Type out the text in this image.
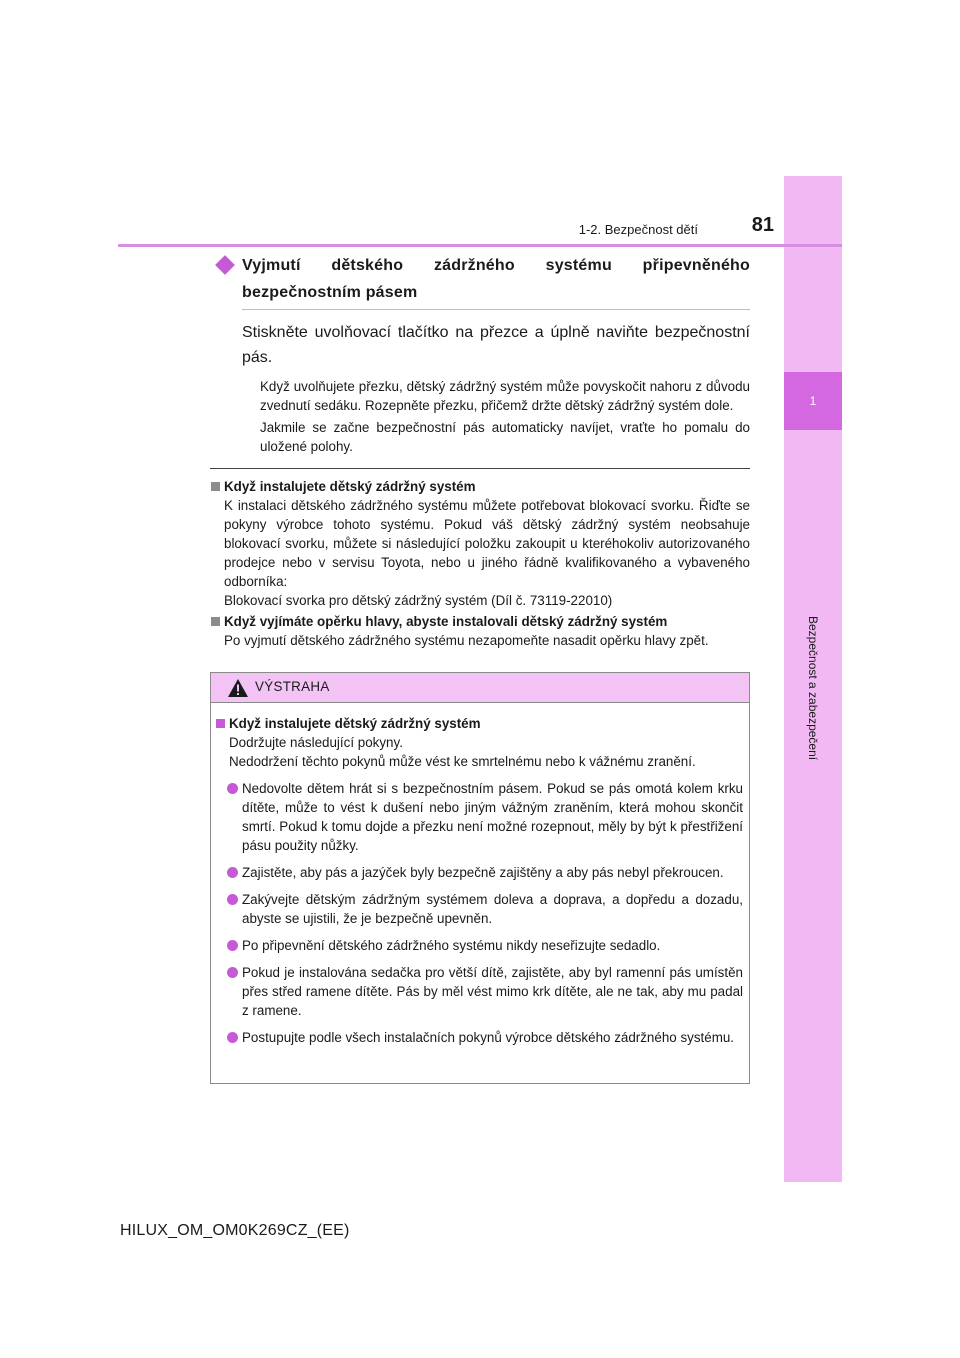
1
Bezpečnost a zabezpečení
1-2. Bezpečnost dětí	81
Vyjmutí dětského zádržného systému připevněného bezpečnostním pásem
Stiskněte uvolňovací tlačítko na přezce a úplně naviňte bezpečnostní pás.
Když uvolňujete přezku, dětský zádržný systém může povyskočit nahoru z důvodu zvednutí sedáku. Rozepněte přezku, přičemž držte dětský zádržný systém dole.
Jakmile se začne bezpečnostní pás automaticky navíjet, vraťte ho pomalu do uložené polohy.
Když instalujete dětský zádržný systém
K instalaci dětského zádržného systému můžete potřebovat blokovací svorku. Řiďte se pokyny výrobce tohoto systému. Pokud váš dětský zádržný systém neobsahuje blokovací svorku, můžete si následující položku zakoupit u kteréhokoliv autorizovaného prodejce nebo v servisu Toyota, nebo u jiného řádně kvalifikovaného a vybaveného odborníka:
Blokovací svorka pro dětský zádržný systém (Díl č. 73119-22010)
Když vyjímáte opěrku hlavy, abyste instalovali dětský zádržný systém
Po vyjmutí dětského zádržného systému nezapomeňte nasadit opěrku hlavy zpět.
VÝSTRAHA
Když instalujete dětský zádržný systém
Dodržujte následující pokyny.
Nedodržení těchto pokynů může vést ke smrtelnému nebo k vážnému zranění.
Nedovolte dětem hrát si s bezpečnostním pásem. Pokud se pás omotá kolem krku dítěte, může to vést k dušení nebo jiným vážným zraněním, která mohou skončit smrtí. Pokud k tomu dojde a přezku není možné rozepnout, měly by být k přestřižení pásu použity nůžky.
Zajistěte, aby pás a jazýček byly bezpečně zajištěny a aby pás nebyl překroucen.
Zakývejte dětským zádržným systémem doleva a doprava, a dopředu a dozadu, abyste se ujistili, že je bezpečně upevněn.
Po připevnění dětského zádržného systému nikdy neseřizujte sedadlo.
Pokud je instalována sedačka pro větší dítě, zajistěte, aby byl ramenní pás umístěn přes střed ramene dítěte. Pás by měl vést mimo krk dítěte, ale ne tak, aby mu padal z ramene.
Postupujte podle všech instalačních pokynů výrobce dětského zádržného systému.
HILUX_OM_OM0K269CZ_(EE)
